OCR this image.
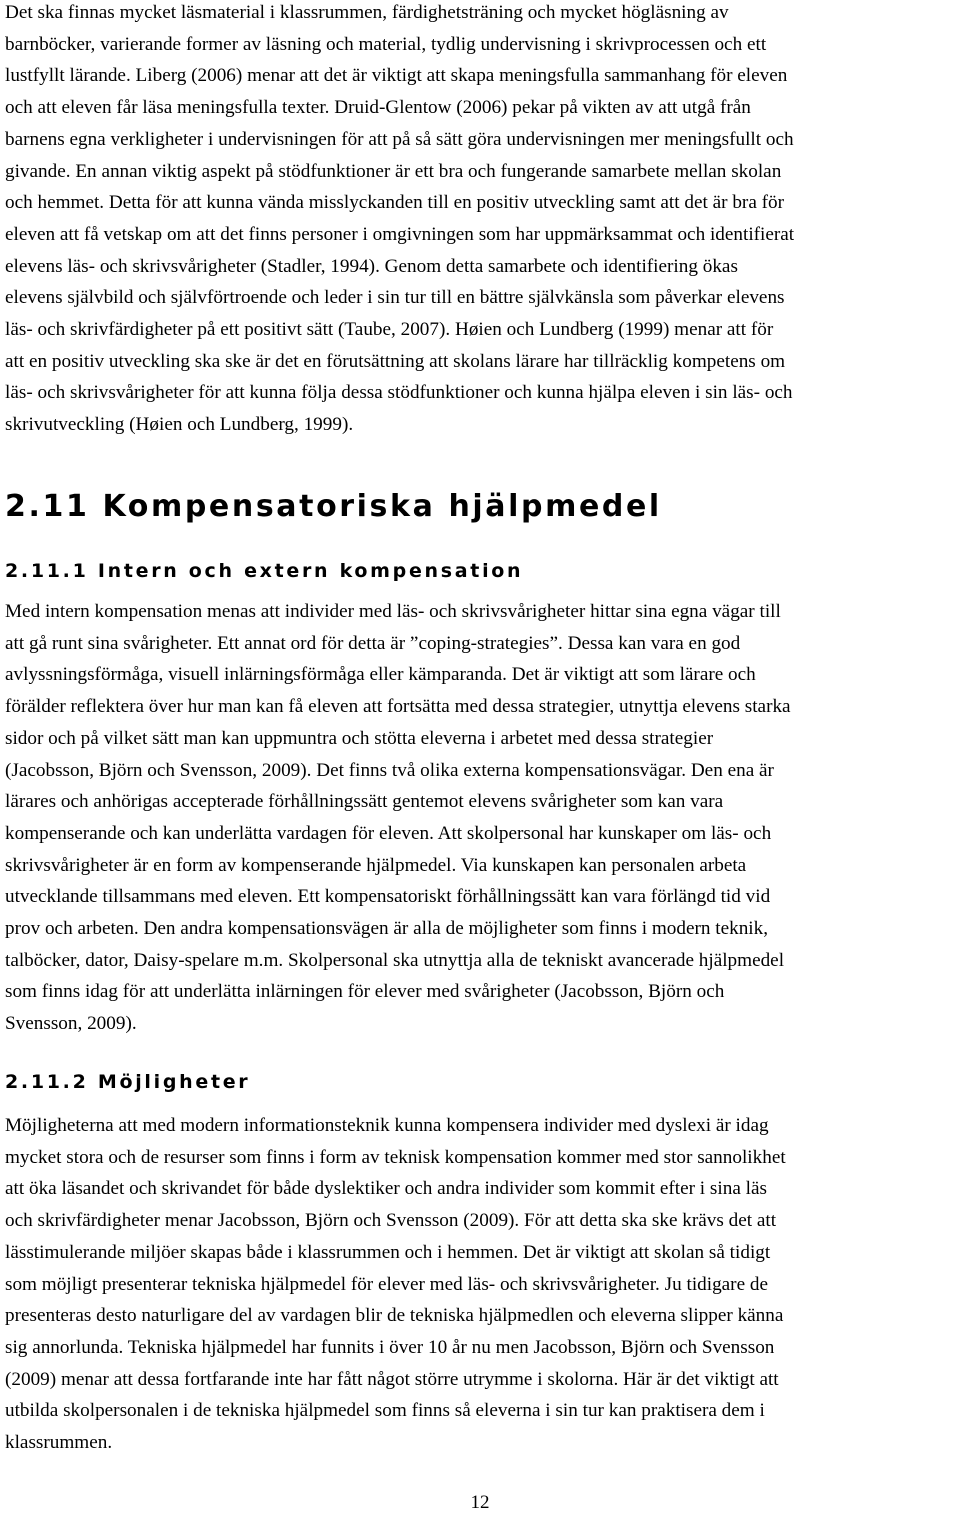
Det ska finnas mycket läsmaterial i klassrummen, färdighetsträning och mycket högläsning av
barnböcker, varierande former av läsning och material, tydlig undervisning i skrivprocessen och ett
lustfyllt lärande. Liberg (2006) menar att det är viktigt att skapa meningsfulla sammanhang för eleven
och att eleven får läsa meningsfulla texter. Druid-Glentow (2006) pekar på vikten av att utgå från
barnens egna verkligheter i undervisningen för att på så sätt göra undervisningen mer meningsfullt och
givande. En annan viktig aspekt på stödfunktioner är ett bra och fungerande samarbete mellan skolan
och hemmet. Detta för att kunna vända misslyckanden till en positiv utveckling samt att det är bra för
eleven att få vetskap om att det finns personer i omgivningen som har uppmärksammat och identifierat
elevens läs- och skrivsvårigheter (Stadler, 1994). Genom detta samarbete och identifiering ökas
elevens självbild och självförtroende och leder i sin tur till en bättre självkänsla som påverkar elevens
läs- och skrivfärdigheter på ett positivt sätt (Taube, 2007). Høien och Lundberg (1999) menar att för
att en positiv utveckling ska ske är det en förutsättning att skolans lärare har tillräcklig kompetens om
läs- och skrivsvårigheter för att kunna följa dessa stödfunktioner och kunna hjälpa eleven i sin läs- och
skrivutveckling (Høien och Lundberg, 1999).

2.11 Kompensatoriska hjälpmedel
2.11.1 Intern och extern kompensation

Med intern kompensation menas att individer med läs- och skrivsvårigheter hittar sina egna vägar till
att gå runt sina svårigheter. Ett annat ord för detta är ”coping-strategies”. Dessa kan vara en god
avlyssningsförmåga, visuell inlärningsförmåga eller kämparanda. Det är viktigt att som lärare och
förälder reflektera över hur man kan få eleven att fortsätta med dessa strategier, utnyttja elevens starka
sidor och på vilket sätt man kan uppmuntra och stötta eleverna i arbetet med dessa strategier
(Jacobsson, Björn och Svensson, 2009). Det finns två olika externa kompensationsvägar. Den ena är
lärares och anhörigas accepterade förhållningssätt gentemot elevens svårigheter som kan vara
kompenserande och kan underlätta vardagen för eleven. Att skolpersonal har kunskaper om läs- och
skrivsvårigheter är en form av kompenserande hjälpmedel. Via kunskapen kan personalen arbeta
utvecklande tillsammans med eleven. Ett kompensatoriskt förhållningssätt kan vara förlängd tid vid
prov och arbeten. Den andra kompensationsvägen är alla de möjligheter som finns i modern teknik,
talböcker, dator, Daisy-spelare m.m. Skolpersonal ska utnyttja alla de tekniskt avancerade hjälpmedel
som finns idag för att underlätta inlärningen för elever med svårigheter (Jacobsson, Björn och
Svensson, 2009).

2.11.2 Möjligheter

Möjligheterna att med modern informationsteknik kunna kompensera individer med dyslexi är idag
mycket stora och de resurser som finns i form av teknisk kompensation kommer med stor sannolikhet
att öka läsandet och skrivandet för både dyslektiker och andra individer som kommit efter i sina läs
och skrivfärdigheter menar Jacobsson, Björn och Svensson (2009). För att detta ska ske krävs det att
lässtimulerande miljöer skapas både i klassrummen och i hemmen. Det är viktigt att skolan så tidigt
som möjligt presenterar tekniska hjälpmedel för elever med läs- och skrivsvårigheter. Ju tidigare de
presenteras desto naturligare del av vardagen blir de tekniska hjälpmedlen och eleverna slipper känna
sig annorlunda. Tekniska hjälpmedel har funnits i över 10 år nu men Jacobsson, Björn och Svensson
(2009) menar att dessa fortfarande inte har fått något större utrymme i skolorna. Här är det viktigt att
utbilda skolpersonalen i de tekniska hjälpmedel som finns så eleverna i sin tur kan praktisera dem i
klassrummen.

12
